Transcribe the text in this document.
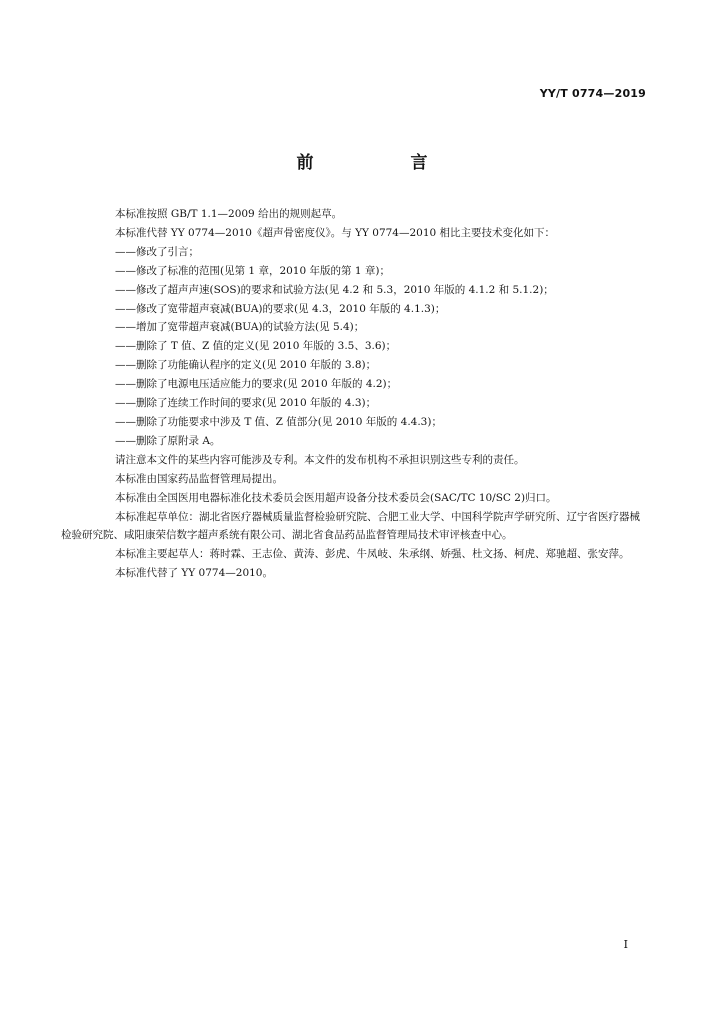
YY/T 0774—2019
前　言

本标准按照 GB/T 1.1—2009 给出的规则起草。

本标准代替 YY 0774—2010《超声骨密度仪》。与 YY 0774—2010 相比主要技术变化如下：

——修改了引言；

——修改了标准的范围(见第 1 章，2010 年版的第 1 章)；

——修改了超声声速(SOS)的要求和试验方法(见 4.2 和 5.3，2010 年版的 4.1.2 和 5.1.2)；

——修改了宽带超声衰减(BUA)的要求(见 4.3，2010 年版的 4.1.3)；

——增加了宽带超声衰减(BUA)的试验方法(见 5.4)；

——删除了 T 值、Z 值的定义(见 2010 年版的 3.5、3.6)；

——删除了功能确认程序的定义(见 2010 年版的 3.8)；

——删除了电源电压适应能力的要求(见 2010 年版的 4.2)；

——删除了连续工作时间的要求(见 2010 年版的 4.3)；

——删除了功能要求中涉及 T 值、Z 值部分(见 2010 年版的 4.4.3)；

——删除了原附录 A。

请注意本文件的某些内容可能涉及专利。本文件的发布机构不承担识别这些专利的责任。

本标准由国家药品监督管理局提出。

本标准由全国医用电器标准化技术委员会医用超声设备分技术委员会(SAC/TC 10/SC 2)归口。

本标准起草单位：湖北省医疗器械质量监督检验研究院、合肥工业大学、中国科学院声学研究所、辽宁省医疗器械检验研究院、咸阳康荣信数字超声系统有限公司、湖北省食品药品监督管理局技术审评核查中心。

本标准主要起草人：蒋时霖、王志俭、黄涛、彭虎、牛凤岐、朱承纲、娇强、杜文扬、柯虎、郑驰超、张安萍。

本标准代替了 YY 0774—2010。

I
